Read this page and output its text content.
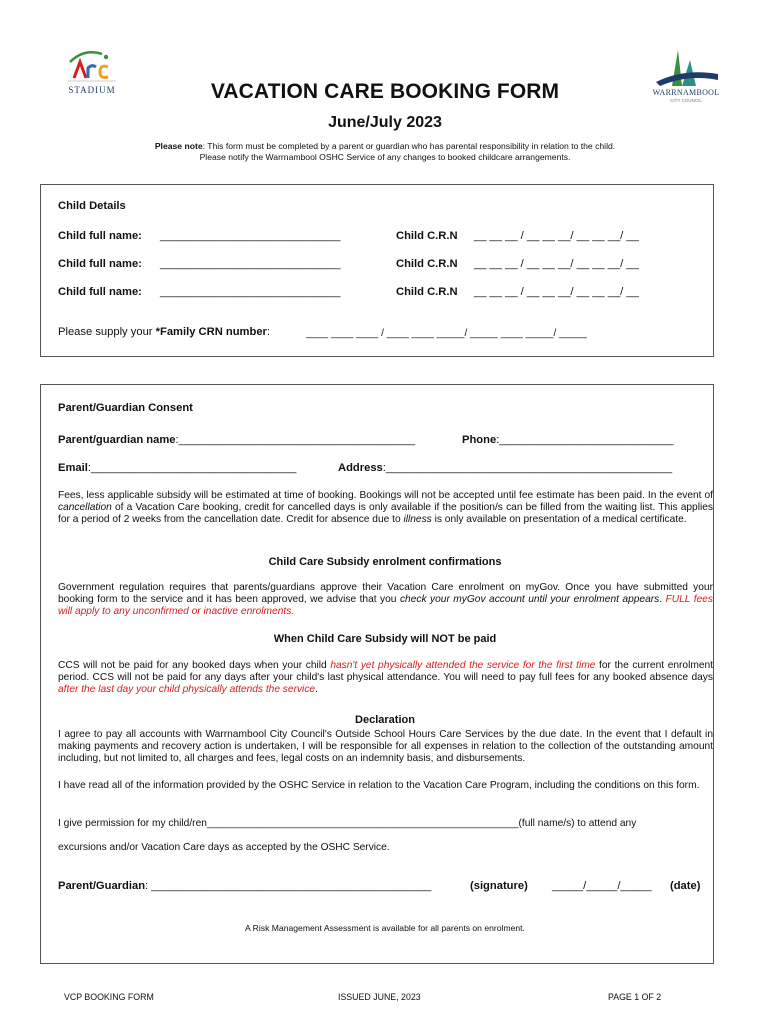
STADIUM	WARRNAMBOOL
CITY COUNCIL
VACATION CARE BOOKING FORM
June/July 2023
Please note: This form must be completed by a parent or guardian who has parental responsibility in relation to the child.
Please notify the Warrnambool OSHC Service of any changes to booked childcare arrangements.
Child Details
Child full name: _____________________________	Child C.R.N __ __ __ / __ __ __/ __ __ __/ __
Child full name: _____________________________	Child C.R.N __ __ __ / __ __ __/ __ __ __/ __
Child full name: _____________________________	Child C.R.N __ __ __ / __ __ __/ __ __ __/ __
Please supply your *Family CRN number:	____ ____ ____ / ____ ____ _____/ _____ ____ _____/ _____
Parent/Guardian Consent
Parent/guardian name:______________________________________	Phone:____________________________
Email:_________________________________	Address:______________________________________________
Fees, less applicable subsidy will be estimated at time of booking. Bookings will not be accepted until fee estimate has been paid. In the event of cancellation of a Vacation Care booking, credit for cancelled days is only available if the position/s can be filled from the waiting list. This applies for a period of 2 weeks from the cancellation date. Credit for absence due to illness is only available on presentation of a medical certificate.
Child Care Subsidy enrolment confirmations
Government regulation requires that parents/guardians approve their Vacation Care enrolment on myGov. Once you have submitted your booking form to the service and it has been approved, we advise that you check your myGov account until your enrolment appears. FULL fees will apply to any unconfirmed or inactive enrolments.
When Child Care Subsidy will NOT be paid
CCS will not be paid for any booked days when your child hasn't yet physically attended the service for the first time for the current enrolment period. CCS will not be paid for any days after your child's last physical attendance. You will need to pay full fees for any booked absence days after the last day your child physically attends the service.
Declaration
I agree to pay all accounts with Warrnambool City Council's Outside School Hours Care Services by the due date. In the event that I default in making payments and recovery action is undertaken, I will be responsible for all expenses in relation to the collection of the outstanding amount including, but not limited to, all charges and fees, legal costs on an indemnity basis, and disbursements.
I have read all of the information provided by the OSHC Service in relation to the Vacation Care Program, including the conditions on this form.
I give permission for my child/ren_______________________________________________________(full name/s) to attend any
excursions and/or Vacation Care days as accepted by the OSHC Service.
Parent/Guardian: _____________________________________________	(signature) _____/_____/_____ (date)
A Risk Management Assessment is available for all parents on enrolment.
VCP BOOKING FORM	ISSUED JUNE, 2023	PAGE 1 OF 2
